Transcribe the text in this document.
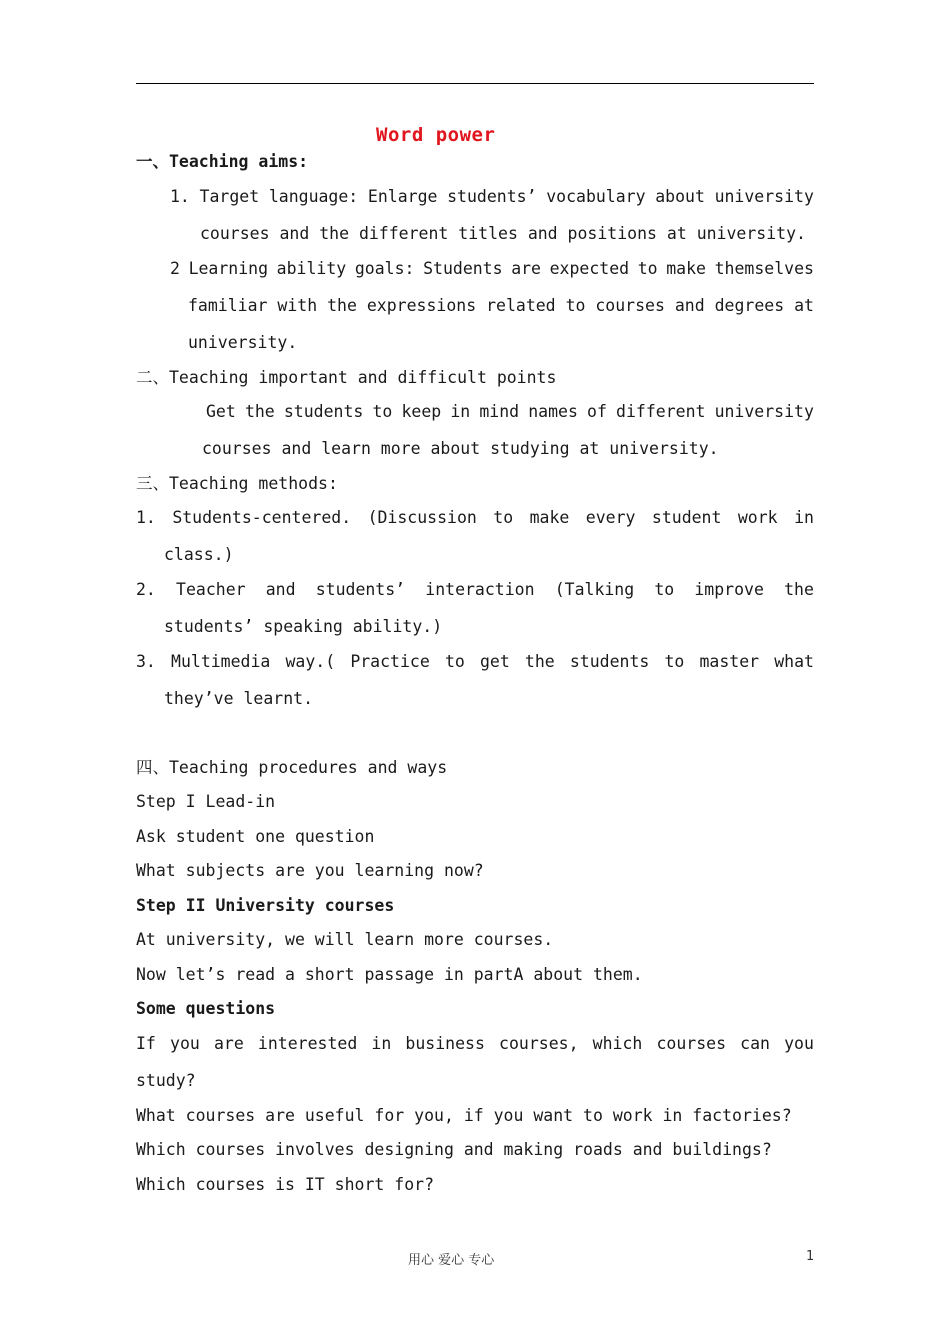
Word power
一、Teaching aims:
1. Target language: Enlarge students’ vocabulary about university
courses and the different titles and positions at university.
2 Learning ability goals: Students are expected to make themselves
familiar with the expressions related to courses and degrees at
university.
二、Teaching important and difficult points
Get the students to keep in mind names of different university
courses and learn more about studying at university.
三、Teaching methods:
1. Students-centered. (Discussion to make every student work in
class.)
2. Teacher and students’ interaction (Talking to improve the
students’ speaking ability.)
3. Multimedia way.( Practice to get the students to master what
they’ve learnt.
四、Teaching procedures and ways
Step I Lead-in
Ask student one question
What subjects are you learning now?
Step II University courses
At university, we will learn more courses.
Now let’s read a short passage in partA about them.
Some questions
If you are interested in business courses, which courses can you
study?
What courses are useful for you, if you want to work in factories?
Which courses involves designing and making roads and buildings?
Which courses is IT short for?
用心 爱心 专心	1
